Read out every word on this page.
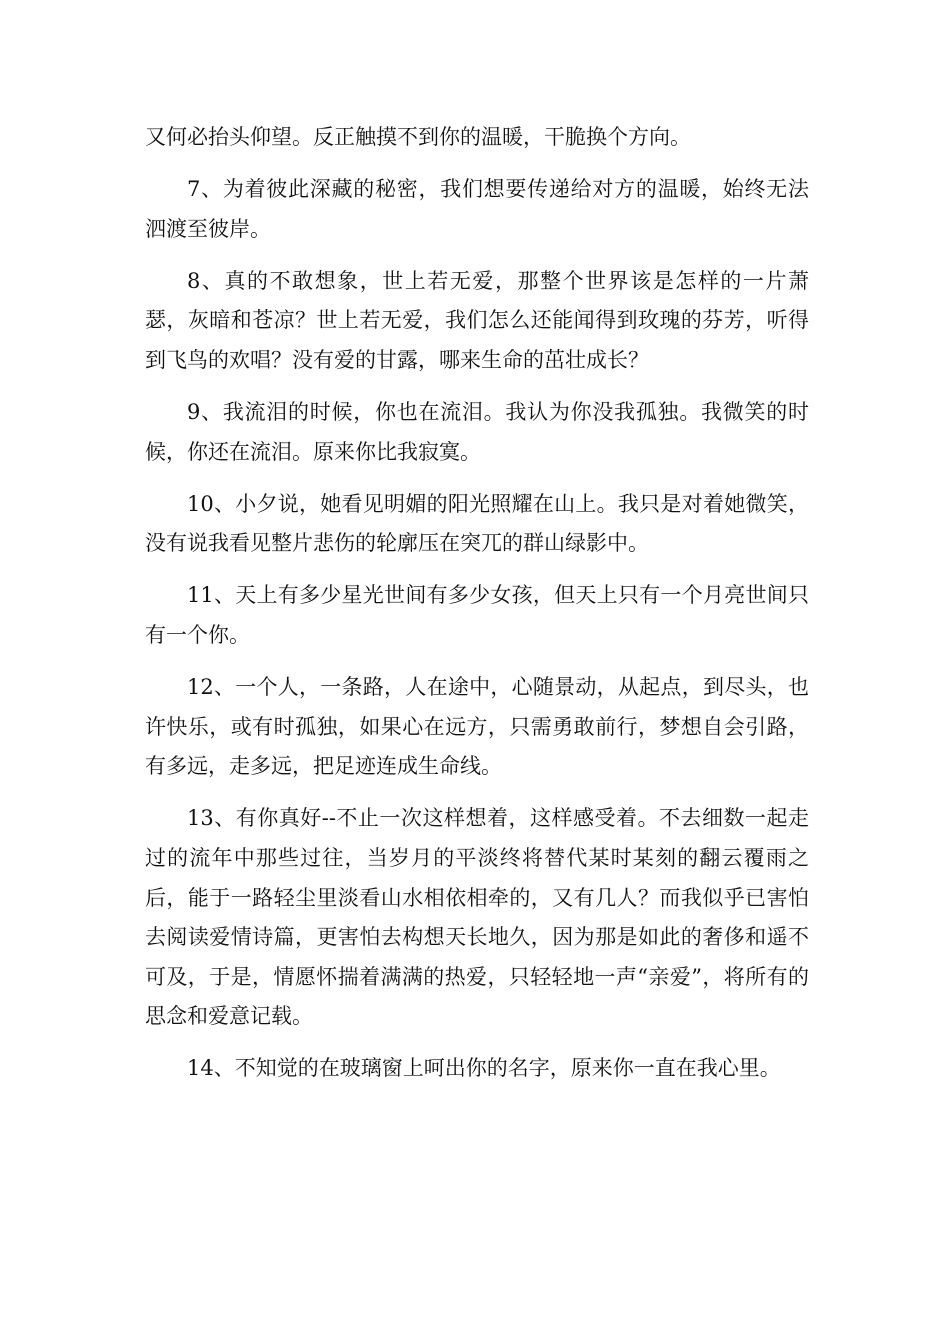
又何必抬头仰望。反正触摸不到你的温暖，干脆换个方向。

7、为着彼此深藏的秘密，我们想要传递给对方的温暖，始终无法泗渡至彼岸。

8、真的不敢想象，世上若无爱，那整个世界该是怎样的一片萧瑟，灰暗和苍凉？世上若无爱，我们怎么还能闻得到玫瑰的芬芳，听得到飞鸟的欢唱？没有爱的甘露，哪来生命的茁壮成长？

9、我流泪的时候，你也在流泪。我认为你没我孤独。我微笑的时候，你还在流泪。原来你比我寂寞。

10、小夕说，她看见明媚的阳光照耀在山上。我只是对着她微笑，没有说我看见整片悲伤的轮廓压在突兀的群山绿影中。

11、天上有多少星光世间有多少女孩，但天上只有一个月亮世间只有一个你。

12、一个人，一条路，人在途中，心随景动，从起点，到尽头，也许快乐，或有时孤独，如果心在远方，只需勇敢前行，梦想自会引路，有多远，走多远，把足迹连成生命线。

13、有你真好--不止一次这样想着，这样感受着。不去细数一起走过的流年中那些过往，当岁月的平淡终将替代某时某刻的翻云覆雨之后，能于一路轻尘里淡看山水相依相牵的，又有几人？而我似乎已害怕去阅读爱情诗篇，更害怕去构想天长地久，因为那是如此的奢侈和遥不可及，于是，情愿怀揣着满满的热爱，只轻轻地一声“亲爱”，将所有的思念和爱意记载。

14、不知觉的在玻璃窗上呵出你的名字，原来你一直在我心里。
